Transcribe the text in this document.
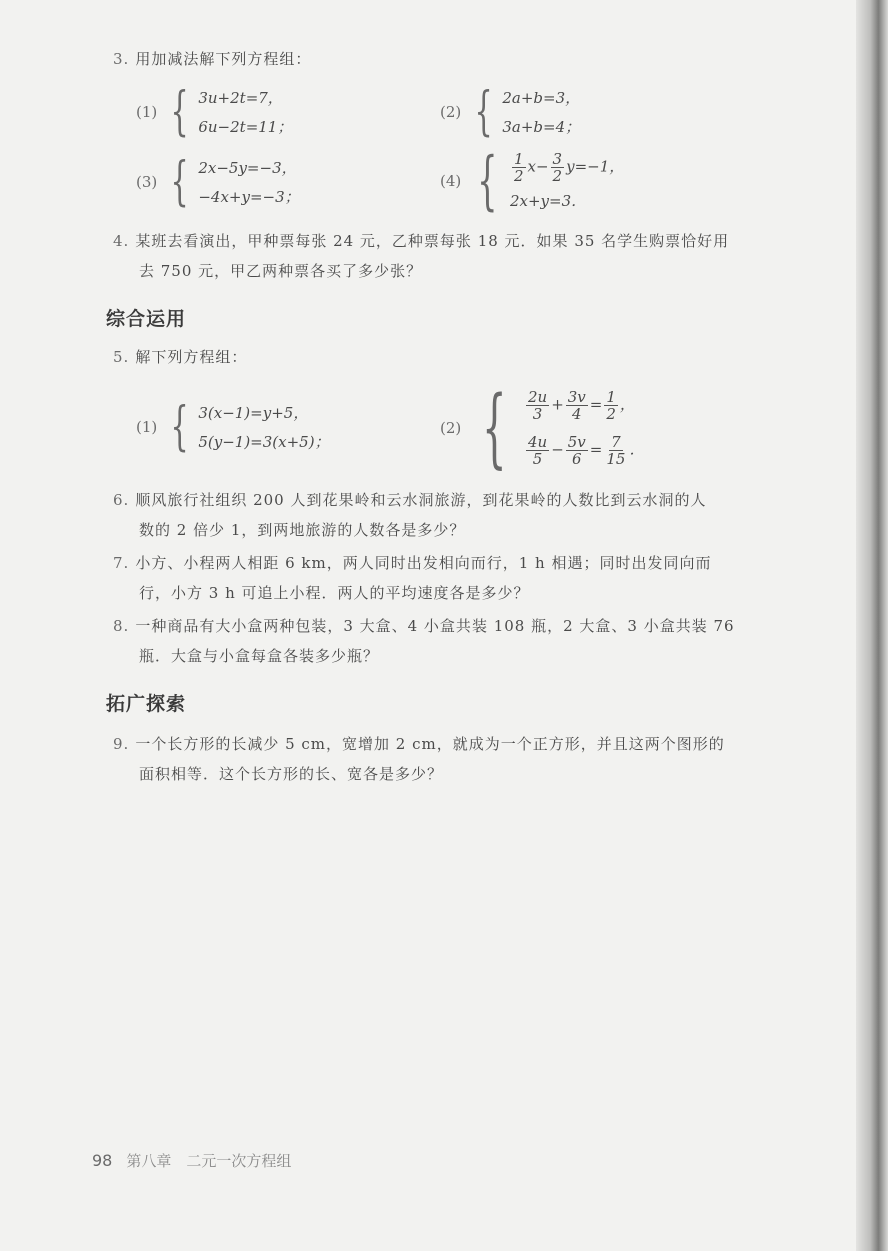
3. 用加减法解下列方程组：
(1) { 3u+2t=7，
6u−2t=11；
(2) { 2a+b=3，
3a+b=4；
(3) { 2x−5y=−3，
−4x+y=−3；
(4) { $\frac{1}{2} x- \frac{3}{2} y=-1$，
2x+y=3．
4. 某班去看演出，甲种票每张 24 元，乙种票每张 18 元．如果 35 名学生购票恰好用
去 750 元，甲乙两种票各买了多少张？
综合运用
5. 解下列方程组：
(1) { 3(x−1)=y+5，
5(y−1)=3(x+5)；
(2) { $\frac{2u}{3} + \frac{3v}{4} = \frac{1}{2}$ ，
$\frac{4u}{5} - \frac{5v}{6} = \frac{7}{15}$ ．
6. 顺风旅行社组织 200 人到花果岭和云水洞旅游，到花果岭的人数比到云水洞的人
数的 2 倍少 1，到两地旅游的人数各是多少？
7. 小方、小程两人相距 6 km，两人同时出发相向而行，1 h 相遇；同时出发同向而
行，小方 3 h 可追上小程．两人的平均速度各是多少？
8. 一种商品有大小盒两种包装，3 大盒、4 小盒共装 108 瓶，2 大盒、3 小盒共装 76
瓶．大盒与小盒每盒各装多少瓶？
拓广探索
9. 一个长方形的长减少 5 cm，宽增加 2 cm，就成为一个正方形，并且这两个图形的
面积相等．这个长方形的长、宽各是多少？
98 第八章　二元一次方程组
